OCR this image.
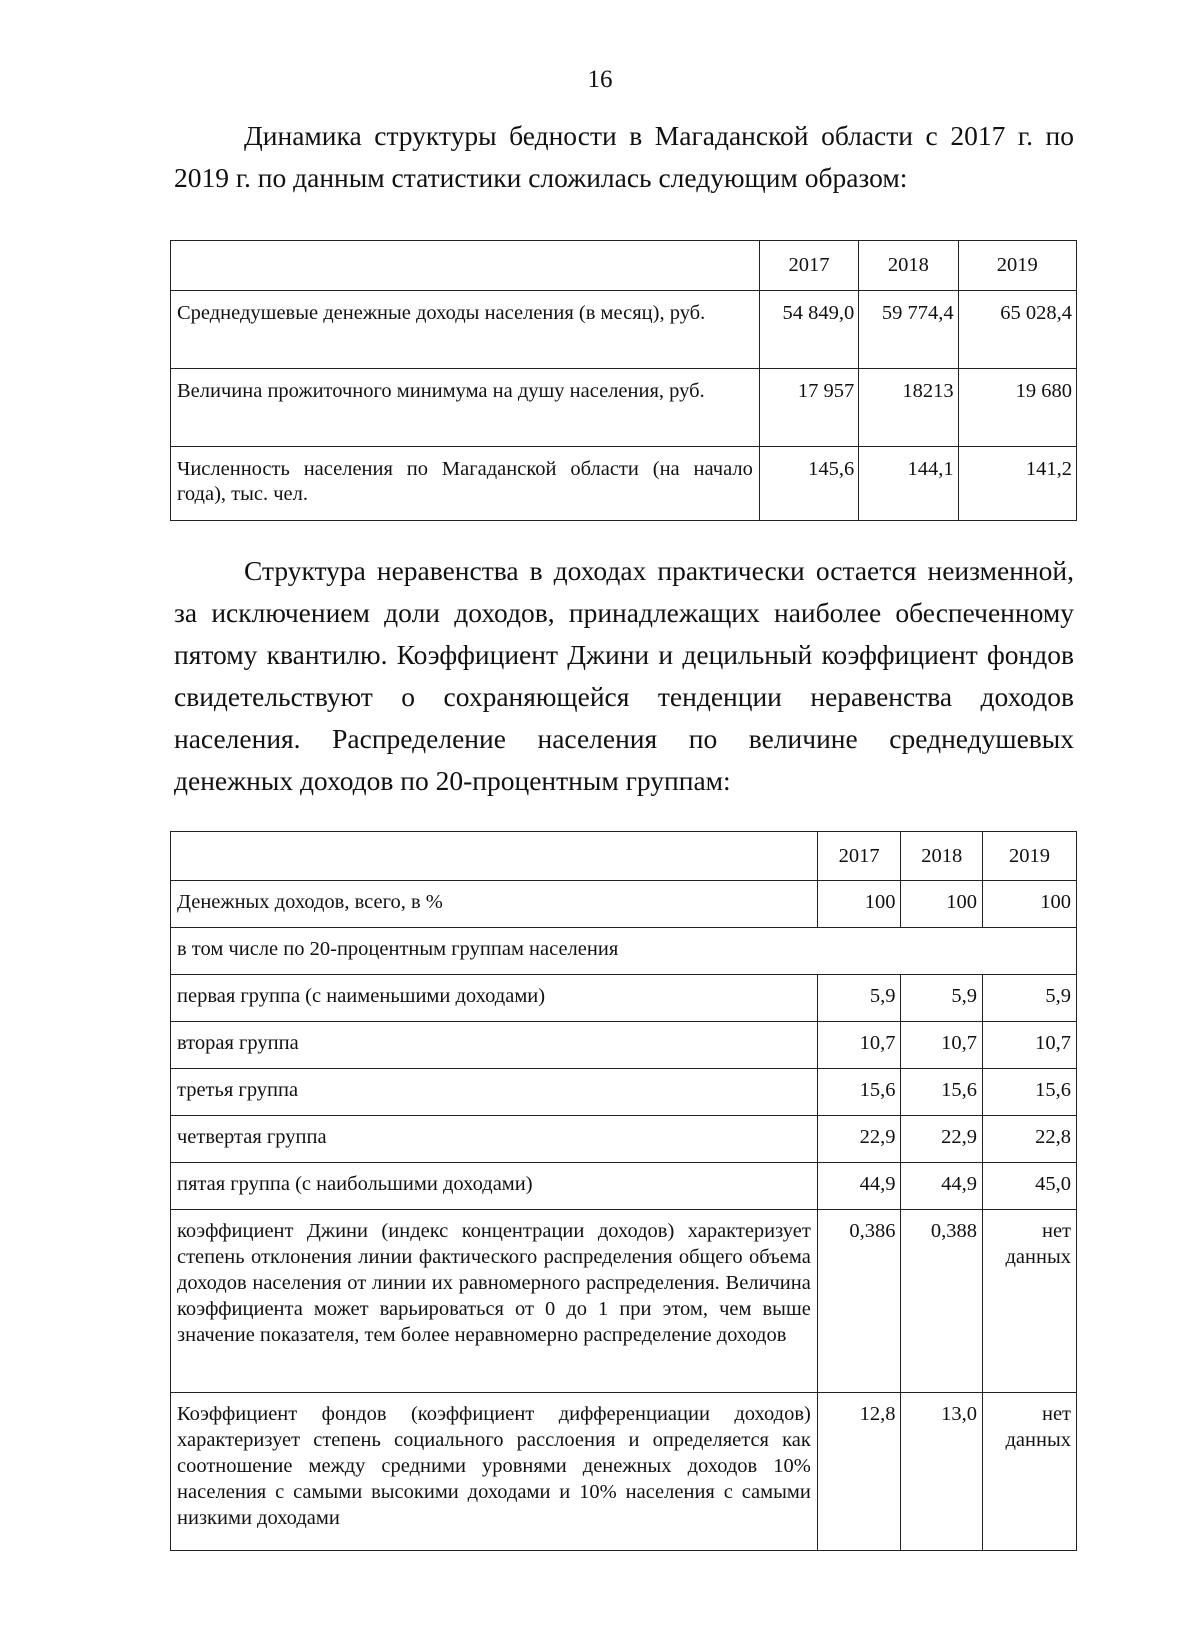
16

Динамика структуры бедности в Магаданской области с 2017 г. по 2019 г. по данным статистики сложилась следующим образом:

	2017	2018	2019
Среднедушевые денежные доходы населения (в месяц), руб.	54 849,0	59 774,4	65 028,4
Величина прожиточного минимума на душу населения, руб.	17 957	18213	19 680
Численность населения по Магаданской области (на начало года), тыс. чел.	145,6	144,1	141,2

Структура неравенства в доходах практически остается неизменной, за исключением доли доходов, принадлежащих наиболее обеспеченному пятому квантилю. Коэффициент Джини и децильный коэффициент фондов свидетельствуют о сохраняющейся тенденции неравенства доходов населения. Распределение населения по величине среднедушевых денежных доходов по 20-процентным группам:

	2017	2018	2019
Денежных доходов, всего, в %	100	100	100
в том числе по 20-процентным группам населения			
первая группа (с наименьшими доходами)	5,9	5,9	5,9
вторая группа	10,7	10,7	10,7
третья группа	15,6	15,6	15,6
четвертая группа	22,9	22,9	22,8
пятая группа (с наибольшими доходами)	44,9	44,9	45,0
коэффициент Джини (индекс концентрации доходов) характеризует степень отклонения линии фактического распределения общего объема доходов населения от линии их равномерного распределения. Величина коэффициента может варьироваться от 0 до 1 при этом, чем выше значение показателя, тем более неравномерно распределение доходов	0,386	0,388	нет данных
Коэффициент фондов (коэффициент дифференциации доходов) характеризует степень социального расслоения и определяется как соотношение между средними уровнями денежных доходов 10% населения с самыми высокими доходами и 10% населения с самыми низкими доходами	12,8	13,0	нет данных
